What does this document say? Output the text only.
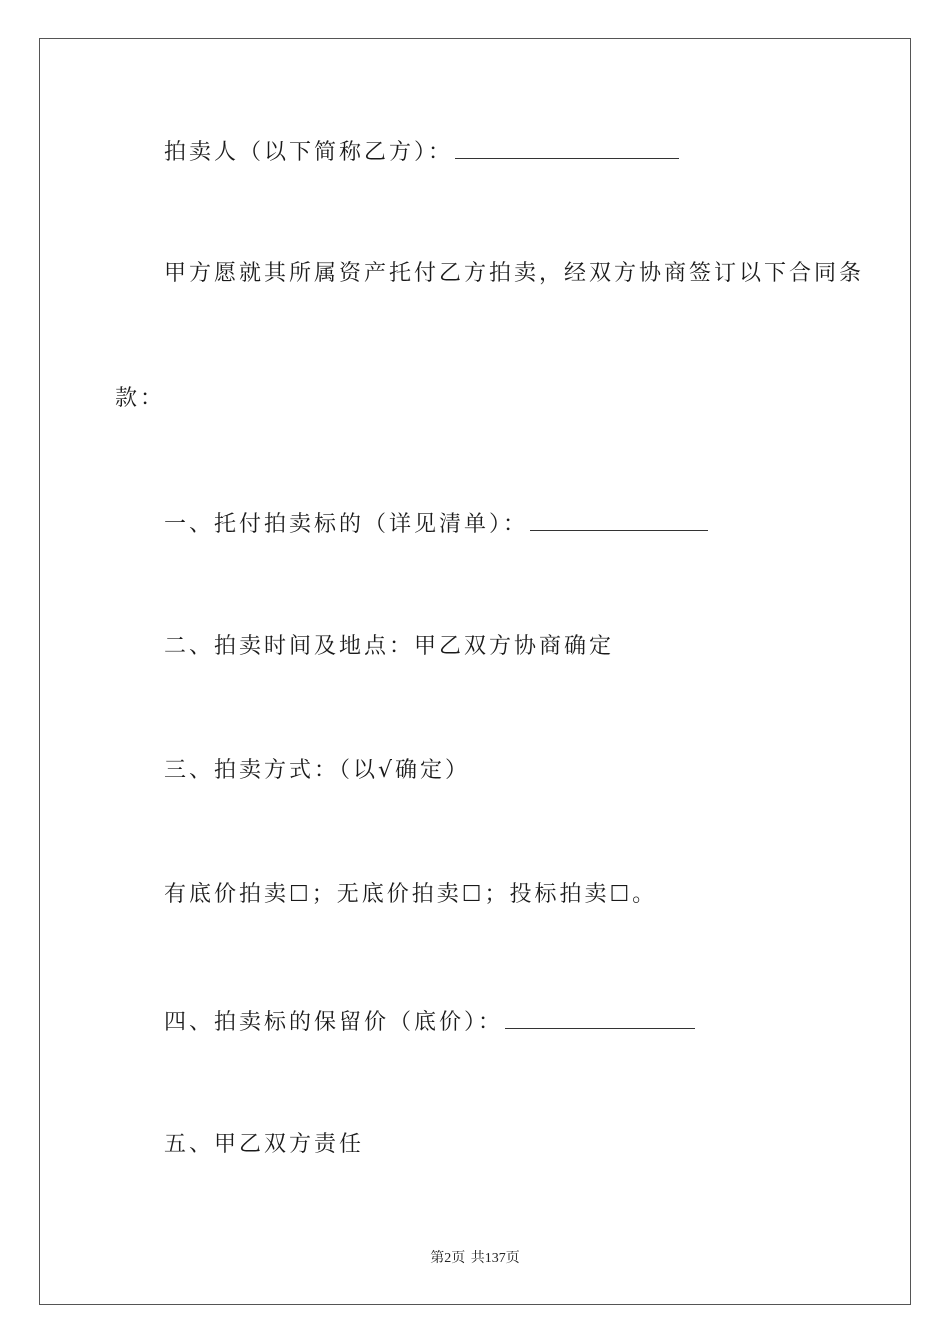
拍卖人（以下简称乙方）：
甲方愿就其所属资产托付乙方拍卖，经双方协商签订以下合同条
款：
一、托付拍卖标的（详见清单）：
二、拍卖时间及地点：甲乙双方协商确定
三、拍卖方式：（以√确定）
有底价拍卖☐；无底价拍卖☐；投标拍卖☐。
四、拍卖标的保留价（底价）：
五、甲乙双方责任
第2页 共137页
